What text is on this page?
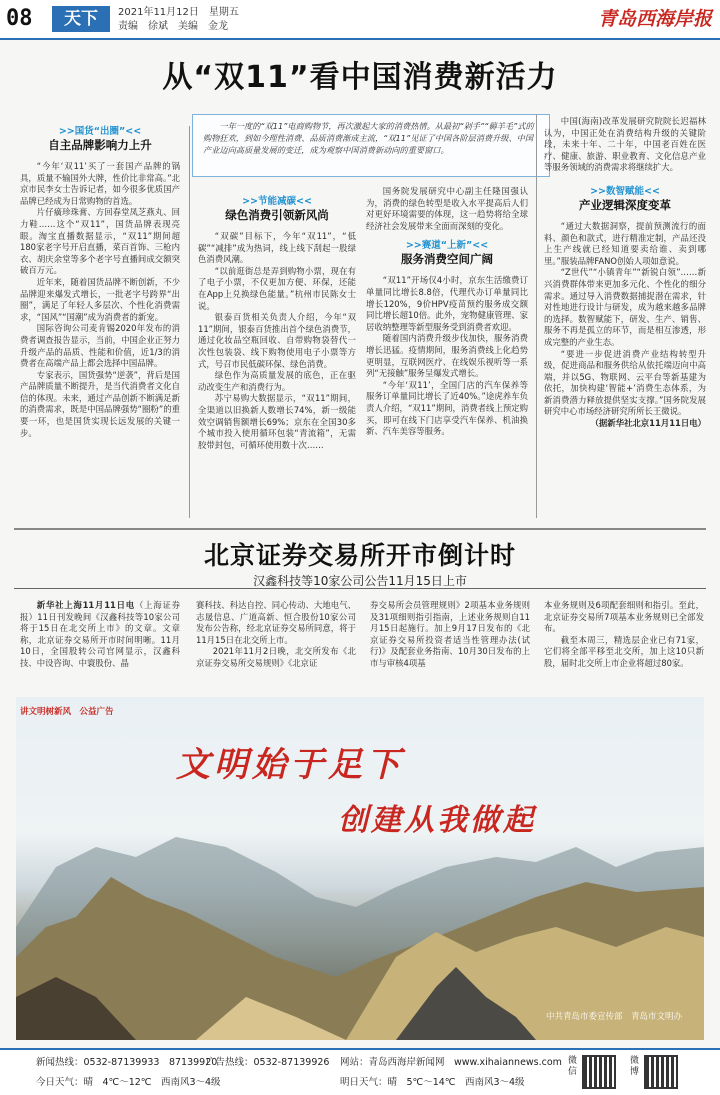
08	天下	2021年11月12日　星期五
责编　徐斌　美编　金龙	青岛西海岸报
从“双11”看中国消费新活力

一年一度的“双11”电商购物节，再次激起大家的消费热情。从最初“剁手”“薅羊毛”式的购物狂欢，到如今理性消费、品质消费渐成主流，“双11”见证了中国各阶层消费升级、中国产业迈向高质量发展的变迁，成为观察中国消费新动向的重要窗口。

>>国货“出圈”<<
自主品牌影响力上升

“今年‘双11’买了一套国产品牌的锅具，质量不输国外大牌，性价比非常高。”北京市民李女士告诉记者，如今很多优质国产品牌已经成为日常购物的首选。

片仔癀珍珠膏、方回春堂凤芝燕丸、回力鞋……这个“双11”，国货品牌表现亮眼。淘宝直播数据显示，“双11”期间超180家老字号开启直播，菜百首饰、三枪内衣、胡庆余堂等多个老字号直播间成交额突破百万元。

近年来，随着国货品牌不断创新，不少品牌迎来爆发式增长，一批老字号跨界“出圈”，满足了年轻人多层次、个性化消费需求，“国风”“国潮”成为消费者的新宠。

国际咨询公司麦肯锡2020年发布的消费者调查报告显示，当前，中国企业正努力升级产品的品质、性能和价值，近1/3的消费者在高端产品上都会选择中国品牌。

专家表示，国货强势“逆袭”，背后是国产品牌质量不断提升，是当代消费者文化自信的体现。未来，通过产品创新不断满足新的消费需求，既是中国品牌强势“圈粉”的重要一环，也是国货实现长远发展的关键一步。

>>节能减碳<<
绿色消费引领新风尚

“双碳”目标下，今年“双11”，“低碳”“减排”成为热词，线上线下刮起一股绿色消费风潮。

“以前逛街总是弄到购物小票，现在有了电子小票，不仅更加方便、环保，还能在App上兑换绿色能量。”杭州市民陈女士说。

银泰百货相关负责人介绍，今年“双11”期间，银泰百货推出首个绿色消费节，通过化妆品空瓶回收、自带购物袋替代一次性包装袋、线下购物使用电子小票等方式，号召市民低碳环保、绿色消费。

绿色作为高质量发展的底色，正在驱动改变生产和消费行为。

苏宁易购大数据显示，“双11”期间，全渠道以旧换新人数增长74%，新一级能效空调销售额增长69%；京东在全国30多个城市投入使用循环包装“青流箱”，无需胶带封包，可循环使用数十次……

国务院发展研究中心副主任隆国强认为，消费的绿色转型是收入水平提高后人们对更好环境需要的体现，这一趋势将给全球经济社会发展带来全面而深刻的变化。

>>赛道“上新”<<
服务消费空间广阔

“双11”开场仅4小时，京东生活缴费订单量同比增长8.8倍，代理代办订单量同比增长120%，9价HPV疫苗预约服务成交额同比增长超10倍。此外，宠物健康管理、家居收纳整理等新型服务受到消费者欢迎。

随着国内消费升级步伐加快，服务消费增长迅猛。疫情期间，服务消费线上化趋势更明显，互联网医疗、在线娱乐视听等一系列“无接触”服务呈爆发式增长。

“今年‘双11’，全国门店的汽车保养等服务订单量同比增长了近40%。”途虎养车负责人介绍，“双11”期间，消费者线上预定购买，即可在线下门店享受汽车保养、机油换新、汽车美容等服务。

中国(海南)改革发展研究院院长迟福林认为，中国正处在消费结构升级的关键阶段，未来十年、二十年，中国老百姓在医疗、健康、旅游、职业教育、文化信息产业等服务领域的消费需求将继续扩大。

>>数智赋能<<
产业逻辑深度变革

“通过大数据洞察，提前预测流行的面料、颜色和款式，进行精准定制，产品还没上生产线就已经知道要卖给谁、卖到哪里。”服装品牌FANO创始人项如意说。

“Z世代”“小镇青年”“新锐白领”……新兴消费群体带来更加多元化、个性化的细分需求。通过导入消费数据捕捉潜在需求，针对性地进行设计与研发，成为越来越多品牌的选择。数智赋能下，研发、生产、销售、服务不再是孤立的环节，而是相互渗透，形成完整的产业生态。

“要进一步促进消费产业结构转型升级，促进商品和服务供给从依托端迈向中高端，并以5G、物联网、云平台等新基建为依托，加快构建‘智能+’消费生态体系，为新消费潜力释放提供坚实支撑。”国务院发展研究中心市场经济研究所所长王微说。

（据新华社北京11月11日电）
北京证券交易所开市倒计时
汉鑫科技等10家公司公告11月15日上市

新华社上海11月11日电（上海证券报）11日刊发晚间《汉鑫科技等10家公司将于15日在北交所上市》的文章。文章称，北京证券交易所开市时间明晰。11月10日，全国股转公司官网显示，汉鑫科技、中设咨询、中寰股份、晶

赛科技、科达自控、同心传动、大地电气、志晟信息、广道高新、恒合股份10家公司发布公告称，经北京证券交易所同意，将于11月15日在北交所上市。

2021年11月2日晚，北交所发布《北京证券交易所交易规则》《北京证

券交易所会员管理规则》2项基本业务规则及31项细则指引指南，上述业务规则自11月15日起施行。加上9月17日发布的《北京证券交易所投资者适当性管理办法(试行)》及配套业务指南、10月30日发布的上市与审核4项基
本业务规则及6项配套细则和指引。至此，北京证券交易所7项基本业务规则已全部发布。

截至本周三，精选层企业已有71家，它们将全部平移至北交所，加上这10只新股，届时北交所上市企业将超过80家。

讲文明树新风　公益广告
文明始于足下
创建从我做起
中共青岛市委宣传部　青岛市文明办
新闻热线：0532-87139933　87139920
广告热线：0532-87139926 网站：青岛西海岸新闻网　www.xihaiannews.com
今日天气：晴　4℃～12℃　西南风3～4级	明日天气：晴　5℃～14℃　西南风3～4级
微信
微博
